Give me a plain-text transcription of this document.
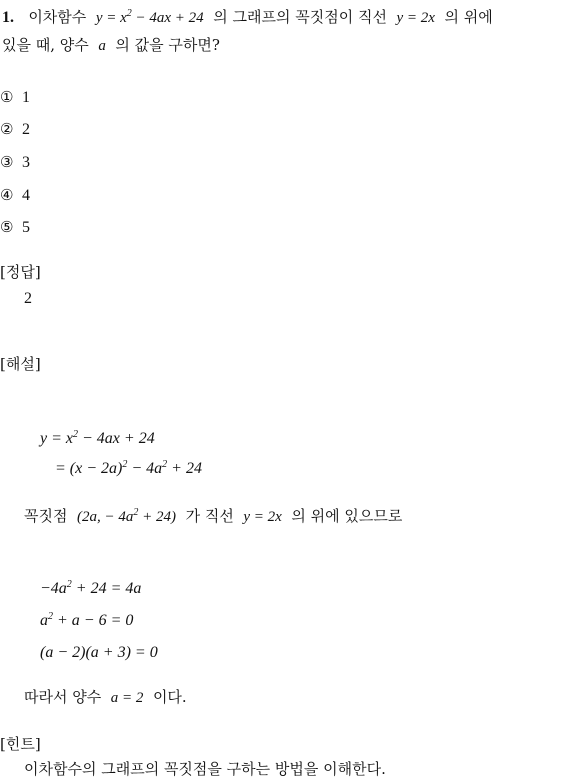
1. 이차함수 $y = x^2 - 4ax + 24$ 의 그래프의 꼭짓점이 직선 y = 2x 의 위에
있을 때, 양수 a 의 값을 구하면?
① 1
② 2
③ 3
④ 4
⑤ 5
[정답]
2
[해설]
$y = x^2 - 4ax + 24$
= $(x - 2a)^2 - 4a^2 + 24$
꼭짓점 (2a, − $4a^2 + 24$) 가 직선 y = 2x 의 위에 있으므로
$-4a^2 + 24 = 4a$
$a^2 + a - 6 = 0$
(a − 2)(a + 3) = 0
따라서 양수 a = 2 이다.
[힌트]
이차함수의 그래프의 꼭짓점을 구하는 방법을 이해한다.
